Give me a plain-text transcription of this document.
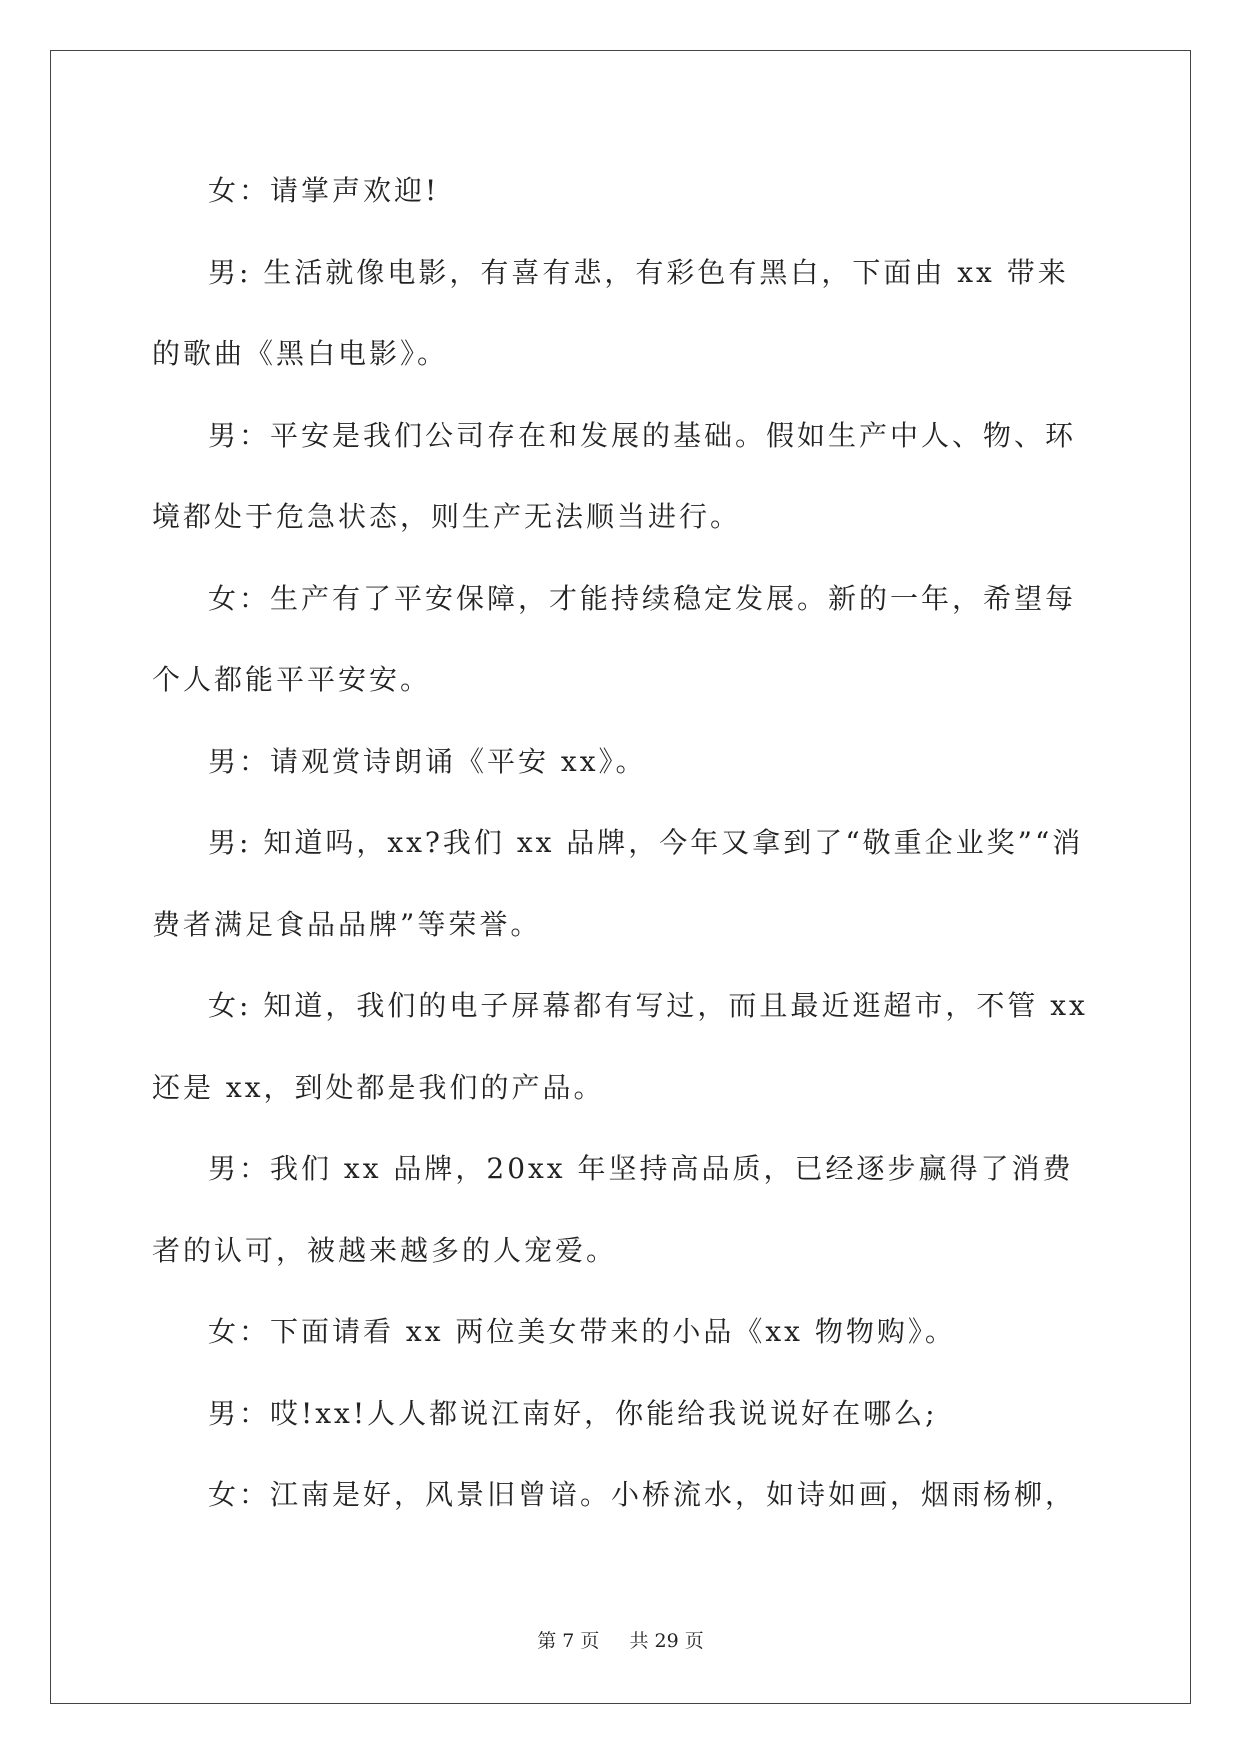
女：请掌声欢迎!

男: 生活就像电影，有喜有悲，有彩色有黑白，下面由 xx 带来的歌曲《黑白电影》。

男：平安是我们公司存在和发展的基础。假如生产中人、物、环境都处于危急状态，则生产无法顺当进行。

女：生产有了平安保障，才能持续稳定发展。新的一年，希望每个人都能平平安安。

男：请观赏诗朗诵《平安 xx》。

男: 知道吗，xx?我们 xx 品牌，今年又拿到了“敬重企业奖”“消费者满足食品品牌”等荣誉。

女: 知道，我们的电子屏幕都有写过，而且最近逛超市，不管 xx 还是 xx，到处都是我们的产品。

男：我们 xx 品牌，20xx 年坚持高品质，已经逐步赢得了消费者的认可，被越来越多的人宠爱。

女：下面请看 xx 两位美女带来的小品《xx 物物购》。

男：哎!xx!人人都说江南好，你能给我说说好在哪么;

女：江南是好，风景旧曾谙。小桥流水，如诗如画，烟雨杨柳，

第 7 页 共 29 页
